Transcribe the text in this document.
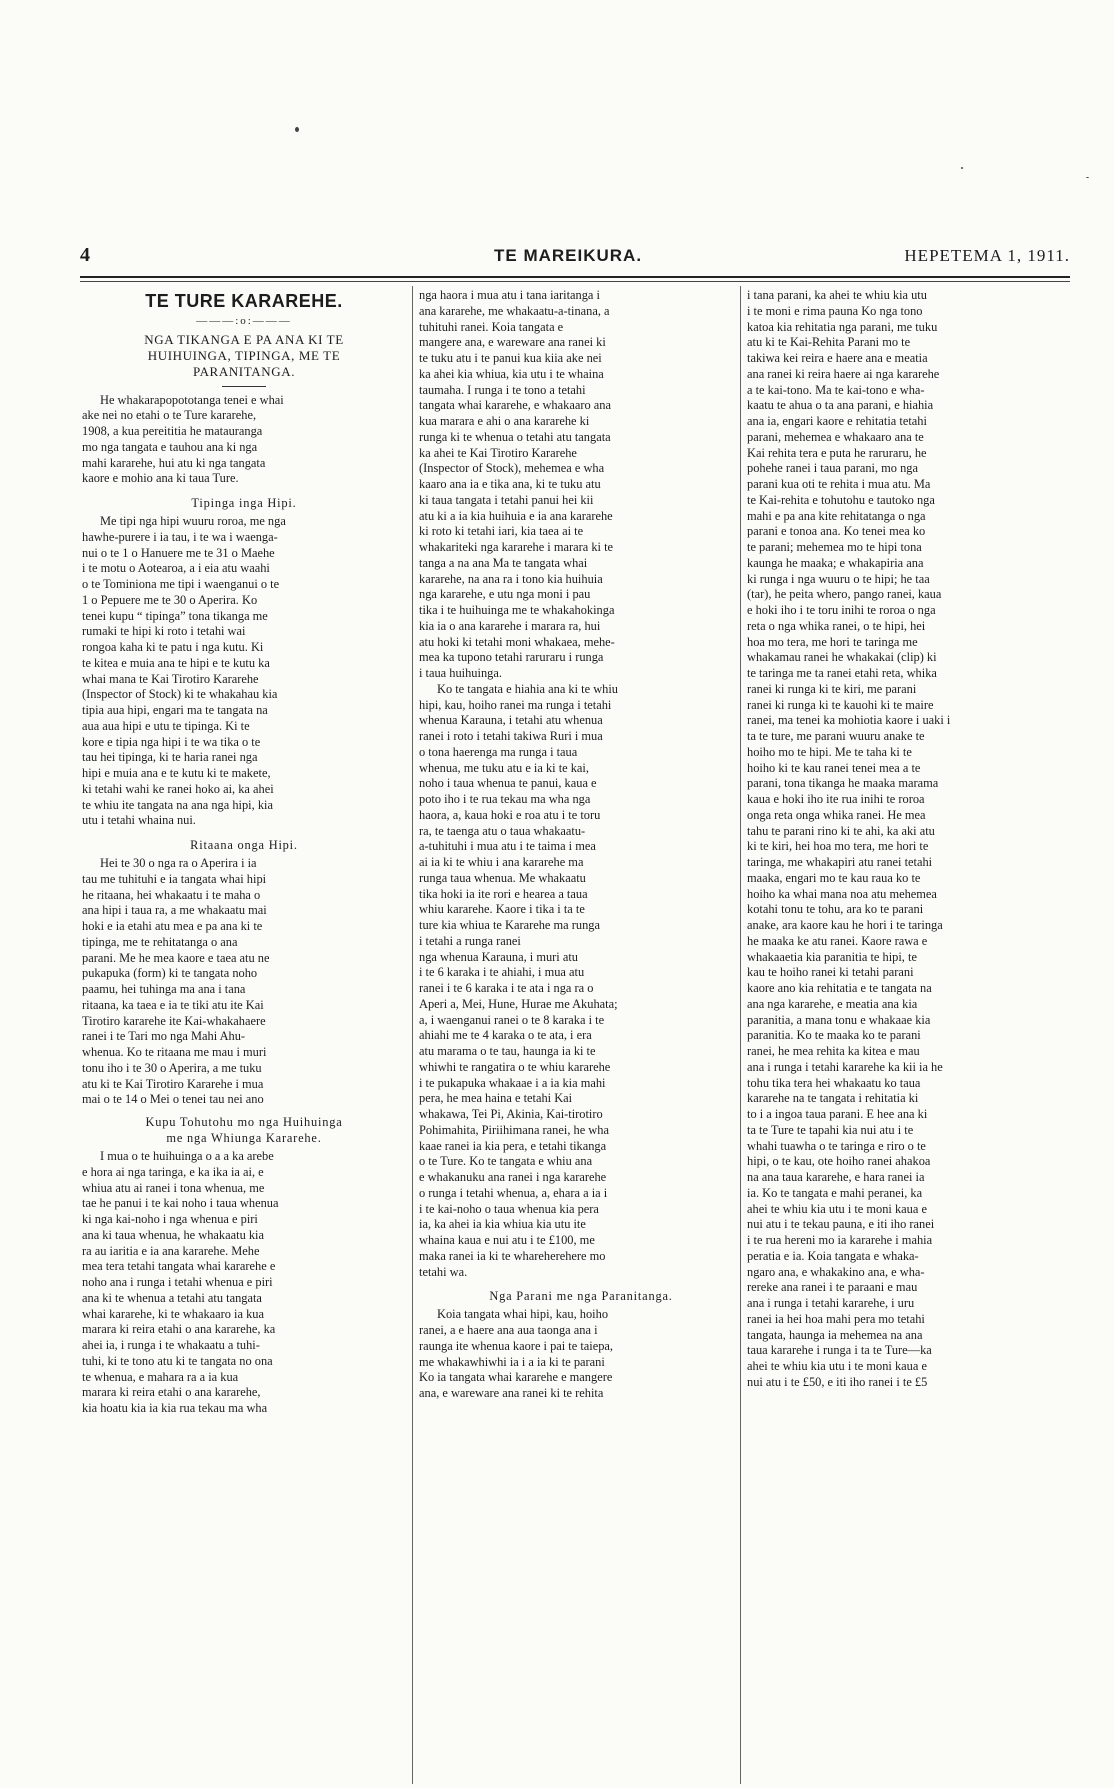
4	TE MAREIKURA.	HEPETEMA 1, 1911.
TE TURE KARAREHE.
———:o:———
NGA TIKANGA E PA ANA KI TE
HUIHUINGA, TIPINGA, ME TE
PARANITANGA.

He whakarapopototanga tenei e whai
ake nei no etahi o te Ture kararehe,
1908, a kua pereititia he matauranga
mo nga tangata e tauhou ana ki nga
mahi kararehe, hui atu ki nga tangata
kaore e mohio ana ki taua Ture.

Tipinga inga Hipi.

Me tipi nga hipi wuuru roroa, me nga
hawhe-purere i ia tau, i te wa i waenga-
nui o te 1 o Hanuere me te 31 o Maehe
i te motu o Aotearoa, a i eia atu waahi
o te Tominiona me tipi i waenganui o te
1 o Pepuere me te 30 o Aperira. Ko
tenei kupu “ tipinga” tona tikanga me
rumaki te hipi ki roto i tetahi wai
rongoa kaha ki te patu i nga kutu. Ki
te kitea e muia ana te hipi e te kutu ka
whai mana te Kai Tirotiro Kararehe
(Inspector of Stock) ki te whakahau kia
tipia aua hipi, engari ma te tangata na
aua aua hipi e utu te tipinga. Ki te
kore e tipia nga hipi i te wa tika o te
tau hei tipinga, ki te haria ranei nga
hipi e muia ana e te kutu ki te makete,
ki tetahi wahi ke ranei hoko ai, ka ahei
te whiu ite tangata na ana nga hipi, kia
utu i tetahi whaina nui.

Ritaana onga Hipi.

Hei te 30 o nga ra o Aperira i ia
tau me tuhituhi e ia tangata whai hipi
he ritaana, hei whakaatu i te maha o
ana hipi i taua ra, a me whakaatu mai
hoki e ia etahi atu mea e pa ana ki te
tipinga, me te rehitatanga o ana
parani. Me he mea kaore e taea atu ne
pukapuka (form) ki te tangata noho
paamu, hei tuhinga ma ana i tana
ritaana, ka taea e ia te tiki atu ite Kai
Tirotiro kararehe ite Kai-whakahaere
ranei i te Tari mo nga Mahi Ahu-
whenua. Ko te ritaana me mau i muri
tonu iho i te 30 o Aperira, a me tuku
atu ki te Kai Tirotiro Kararehe i mua
mai o te 14 o Mei o tenei tau nei ano

Kupu Tohutohu mo nga Huihuinga
me nga Whiunga Kararehe.

I mua o te huihuinga o a a ka arebe
e hora ai nga taringa, e ka ika ia ai, e
whiua atu ai ranei i tona whenua, me
tae he panui i te kai noho i taua whenua
ki nga kai-noho i nga whenua e piri
ana ki taua whenua, he whakaatu kia
ra au iaritia e ia ana kararehe. Mehe
mea tera tetahi tangata whai kararehe e
noho ana i runga i tetahi whenua e piri
ana ki te whenua a tetahi atu tangata
whai kararehe, ki te whakaaro ia kua
marara ki reira etahi o ana kararehe, ka
ahei ia, i runga i te whakaatu a tuhi-
tuhi, ki te tono atu ki te tangata no ona
te whenua, e mahara ra a ia kua
marara ki reira etahi o ana kararehe,
kia hoatu kia ia kia rua tekau ma wha

nga haora i mua atu i tana iaritanga i
ana kararehe, me whakaatu-a-tinana, a
tuhituhi ranei. Koia tangata e
mangere ana, e wareware ana ranei ki
te tuku atu i te panui kua kiia ake nei
ka ahei kia whiua, kia utu i te whaina
taumaha. I runga i te tono a tetahi
tangata whai kararehe, e whakaaro ana
kua marara e ahi o ana kararehe ki
runga ki te whenua o tetahi atu tangata
ka ahei te Kai Tirotiro Kararehe
(Inspector of Stock), mehemea e wha
kaaro ana ia e tika ana, ki te tuku atu
ki taua tangata i tetahi panui hei kii
atu ki a ia kia huihuia e ia ana kararehe
ki roto ki tetahi iari, kia taea ai te
whakariteki nga kararehe i marara ki te
tanga a na ana Ma te tangata whai
kararehe, na ana ra i tono kia huihuia
nga kararehe, e utu nga moni i pau
tika i te huihuinga me te whakahokinga
kia ia o ana kararehe i marara ra, hui
atu hoki ki tetahi moni whakaea, mehe-
mea ka tupono tetahi raruraru i runga
i taua huihuinga.

Ko te tangata e hiahia ana ki te whiu
hipi, kau, hoiho ranei ma runga i tetahi
whenua Karauna, i tetahi atu whenua
ranei i roto i tetahi takiwa Ruri i mua
o tona haerenga ma runga i taua
whenua, me tuku atu e ia ki te kai,
noho i taua whenua te panui, kaua e
poto iho i te rua tekau ma wha nga
haora, a, kaua hoki e roa atu i te toru
ra, te taenga atu o taua whakaatu-
a-tuhituhi i mua atu i te taima i mea
ai ia ki te whiu i ana kararehe ma
runga taua whenua. Me whakaatu
tika hoki ia ite rori e hearea a taua
whiu kararehe. Kaore i tika i ta te
ture kia whiua te Kararehe ma runga
i tetahi a runga ranei
nga whenua Karauna, i muri atu
i te 6 karaka i te ahiahi, i mua atu
ranei i te 6 karaka i te ata i nga ra o
Aperi a, Mei, Hune, Hurae me Akuhata;
a, i waenganui ranei o te 8 karaka i te
ahiahi me te 4 karaka o te ata, i era
atu marama o te tau, haunga ia ki te
whiwhi te rangatira o te whiu kararehe
i te pukapuka whakaae i a ia kia mahi
pera, he mea haina e tetahi Kai
whakawa, Tei Pi, Akinia, Kai-tirotiro
Pohimahita, Piriihimana ranei, he wha
kaae ranei ia kia pera, e tetahi tikanga
o te Ture. Ko te tangata e whiu ana
e whakanuku ana ranei i nga kararehe
o runga i tetahi whenua, a, ehara a ia i
i te kai-noho o taua whenua kia pera
ia, ka ahei ia kia whiua kia utu ite
whaina kaua e nui atu i te £100, me
maka ranei ia ki te whareherehere mo
tetahi wa.

Nga Parani me nga Paranitanga.

Koia tangata whai hipi, kau, hoiho
ranei, a e haere ana aua taonga ana i
raunga ite whenua kaore i pai te taiepa,
me whakawhiwhi ia i a ia ki te parani
Ko ia tangata whai kararehe e mangere
ana, e wareware ana ranei ki te rehita

i tana parani, ka ahei te whiu kia utu
i te moni e rima pauna Ko nga tono
katoa kia rehitatia nga parani, me tuku
atu ki te Kai-Rehita Parani mo te
takiwa kei reira e haere ana e meatia
ana ranei ki reira haere ai nga kararehe
a te kai-tono. Ma te kai-tono e wha-
kaatu te ahua o ta ana parani, e hiahia
ana ia, engari kaore e rehitatia tetahi
parani, mehemea e whakaaro ana te
Kai rehita tera e puta he raruraru, he
pohehe ranei i taua parani, mo nga
parani kua oti te rehita i mua atu. Ma
te Kai-rehita e tohutohu e tautoko nga
mahi e pa ana kite rehitatanga o nga
parani e tonoa ana. Ko tenei mea ko
te parani; mehemea mo te hipi tona
kaunga he maaka; e whakapiria ana
ki runga i nga wuuru o te hipi; he taa
(tar), he peita whero, pango ranei, kaua
e hoki iho i te toru inihi te roroa o nga
reta o nga whika ranei, o te hipi, hei
hoa mo tera, me hori te taringa me
whakamau ranei he whakakai (clip) ki
te taringa me ta ranei etahi reta, whika
ranei ki runga ki te kiri, me parani
ranei ki runga ki te kauohi ki te maire
ranei, ma tenei ka mohiotia kaore i uaki i
ta te ture, me parani wuuru anake te
hoiho mo te hipi. Me te taha ki te
hoiho ki te kau ranei tenei mea a te
parani, tona tikanga he maaka marama
kaua e hoki iho ite rua inihi te roroa
onga reta onga whika ranei. He mea
tahu te parani rino ki te ahi, ka aki atu
ki te kiri, hei hoa mo tera, me hori te
taringa, me whakapiri atu ranei tetahi
maaka, engari mo te kau raua ko te
hoiho ka whai mana noa atu mehemea
kotahi tonu te tohu, ara ko te parani
anake, ara kaore kau he hori i te taringa
he maaka ke atu ranei. Kaore rawa e
whakaaetia kia paranitia te hipi, te
kau te hoiho ranei ki tetahi parani
kaore ano kia rehitatia e te tangata na
ana nga kararehe, e meatia ana kia
paranitia, a mana tonu e whakaae kia
paranitia. Ko te maaka ko te parani
ranei, he mea rehita ka kitea e mau
ana i runga i tetahi kararehe ka kii ia he
tohu tika tera hei whakaatu ko taua
kararehe na te tangata i rehitatia ki
to i a ingoa taua parani. E hee ana ki
ta te Ture te tapahi kia nui atu i te
whahi tuawha o te taringa e riro o te
hipi, o te kau, ote hoiho ranei ahakoa
na ana taua kararehe, e hara ranei ia
ia. Ko te tangata e mahi peranei, ka
ahei te whiu kia utu i te moni kaua e
nui atu i te tekau pauna, e iti iho ranei
i te rua hereni mo ia kararehe i mahia
peratia e ia. Koia tangata e whaka-
ngaro ana, e whakakino ana, e wha-
rereke ana ranei i te paraani e mau
ana i runga i tetahi kararehe, i uru
ranei ia hei hoa mahi pera mo tetahi
tangata, haunga ia mehemea na ana
taua kararehe i runga i ta te Ture—ka
ahei te whiu kia utu i te moni kaua e
nui atu i te £50, e iti iho ranei i te £5
